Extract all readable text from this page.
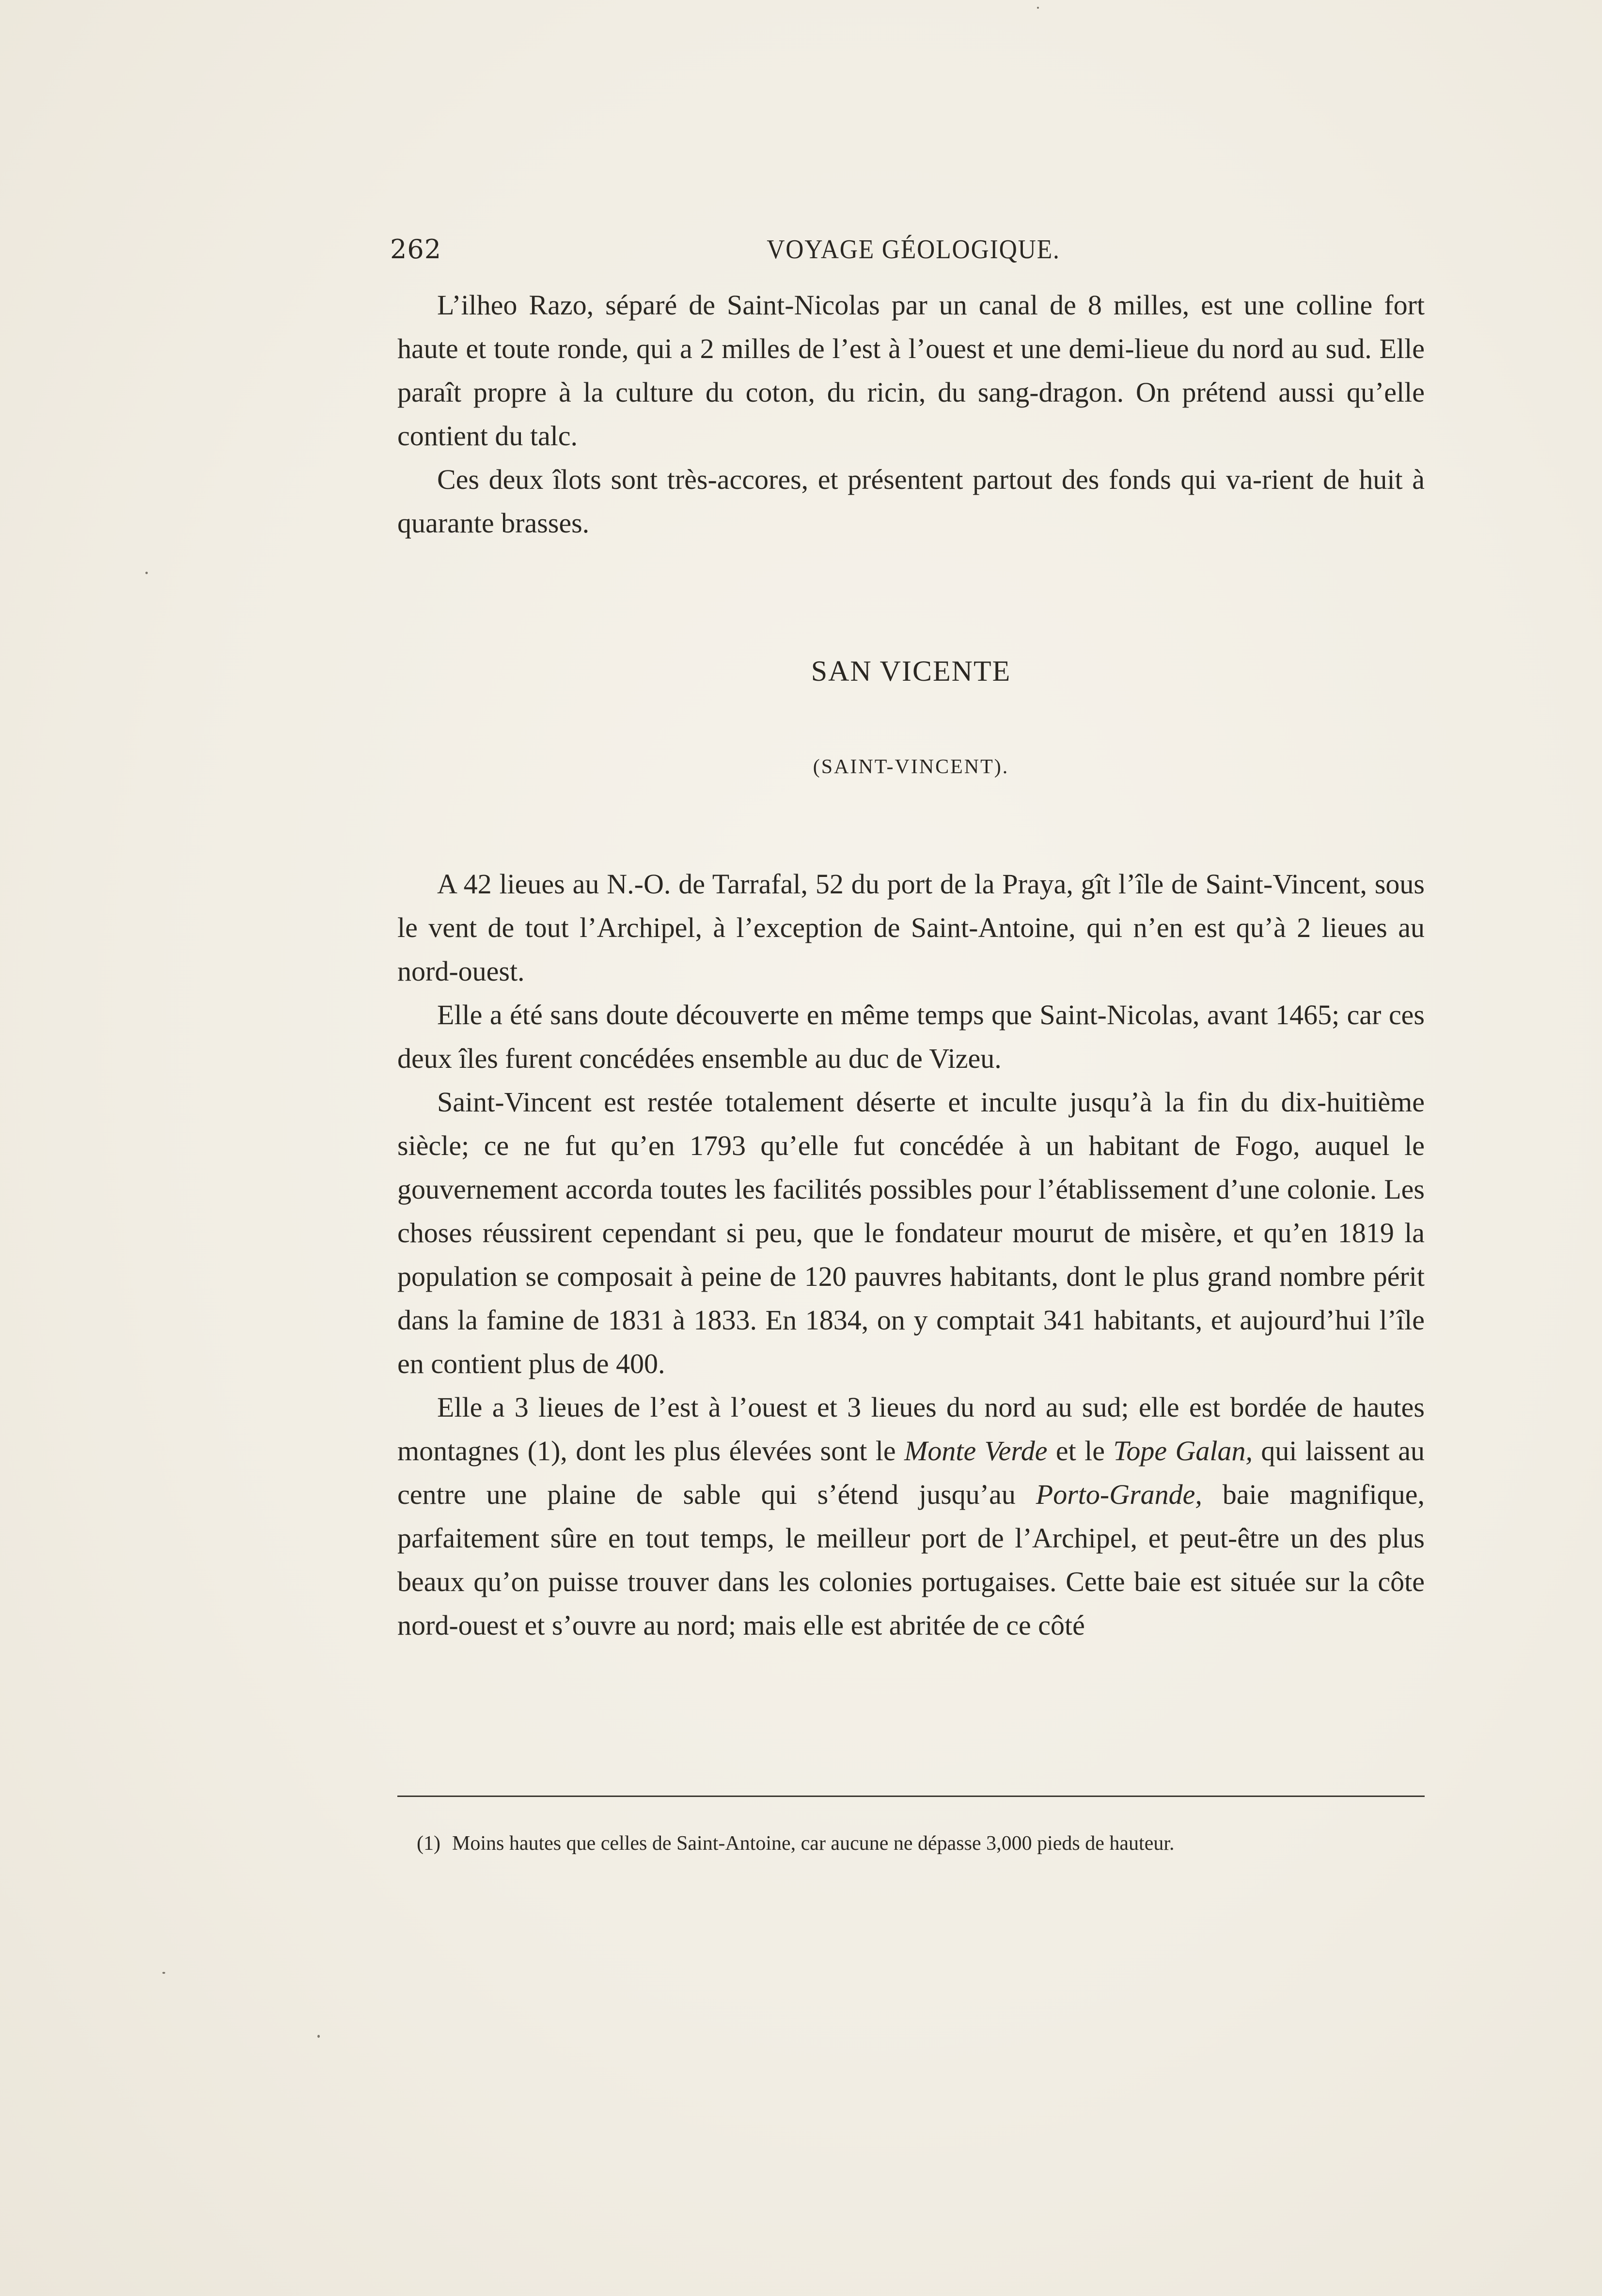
262	VOYAGE GÉOLOGIQUE.

L’ilheo Razo, séparé de Saint-Nicolas par un canal de 8 milles, est une colline fort haute et toute ronde, qui a 2 milles de l’est à l’ouest et une demi-lieue du nord au sud. Elle paraît propre à la culture du coton, du ricin, du sang-dragon. On prétend aussi qu’elle contient du talc.

Ces deux îlots sont très-accores, et présentent partout des fonds qui va-rient de huit à quarante brasses.

SAN VICENTE
(SAINT-VINCENT).

A 42 lieues au N.-O. de Tarrafal, 52 du port de la Praya, gît l’île de Saint-Vincent, sous le vent de tout l’Archipel, à l’exception de Saint-Antoine, qui n’en est qu’à 2 lieues au nord-ouest.

Elle a été sans doute découverte en même temps que Saint-Nicolas, avant 1465; car ces deux îles furent concédées ensemble au duc de Vizeu.

Saint-Vincent est restée totalement déserte et inculte jusqu’à la fin du dix-huitième siècle; ce ne fut qu’en 1793 qu’elle fut concédée à un habitant de Fogo, auquel le gouvernement accorda toutes les facilités possibles pour l’établissement d’une colonie. Les choses réussirent cependant si peu, que le fondateur mourut de misère, et qu’en 1819 la population se composait à peine de 120 pauvres habitants, dont le plus grand nombre périt dans la famine de 1831 à 1833. En 1834, on y comptait 341 habitants, et aujourd’hui l’île en contient plus de 400.

Elle a 3 lieues de l’est à l’ouest et 3 lieues du nord au sud; elle est bordée de hautes montagnes (1), dont les plus élevées sont le Monte Verde et le Tope Galan, qui laissent au centre une plaine de sable qui s’étend jusqu’au Porto-Grande, baie magnifique, parfaitement sûre en tout temps, le meilleur port de l’Archipel, et peut-être un des plus beaux qu’on puisse trouver dans les colonies portugaises. Cette baie est située sur la côte nord-ouest et s’ouvre au nord; mais elle est abritée de ce côté

(1) Moins hautes que celles de Saint-Antoine, car aucune ne dépasse 3,000 pieds de hauteur.
